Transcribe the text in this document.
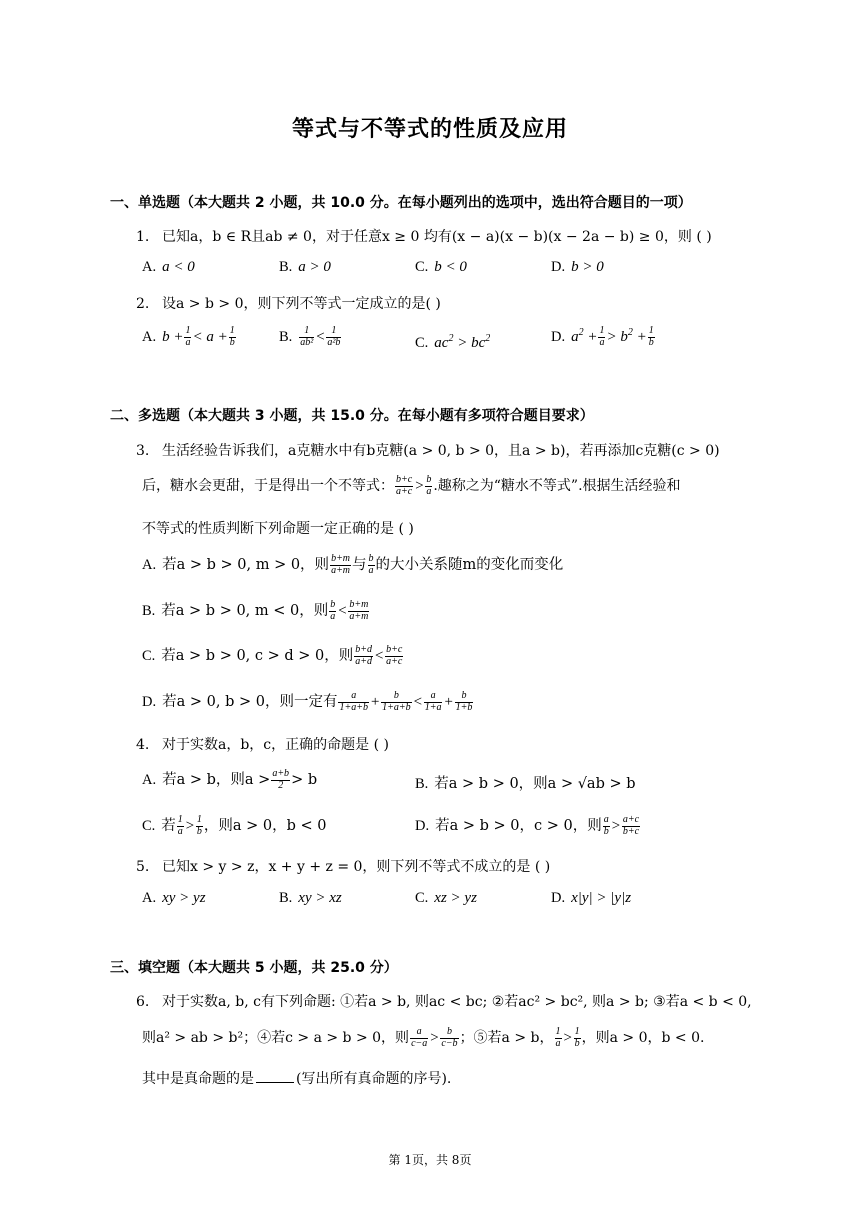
等式与不等式的性质及应用
一、单选题（本大题共 2 小题，共 10.0 分。在每小题列出的选项中，选出符合题目的一项）
1. 已知a，b ∈ R且ab ≠ 0，对于任意x ≥ 0 均有(x − a)(x − b)(x − 2a − b) ≥ 0，则 ( )
A. a < 0	B. a > 0	C. b < 0	D. b > 0
2. 设a > b > 0，则下列不等式一定成立的是( )
A. $b + \frac{1}{a} < a + \frac{1}{b}$	B. $\frac{1}{\text{ab²}} < \frac{1}{\text{a²b}}$	C. $ac^2 > bc^2$	D. $a^2 + \frac{1}{a} > b^2 + \frac{1}{b}$
二、多选题（本大题共 3 小题，共 15.0 分。在每小题有多项符合题目要求）
3. 生活经验告诉我们，a克糖水中有b克糖(a > 0, b > 0，且a > b)，若再添加c克糖(c > 0)
后，糖水会更甜，于是得出一个不等式： $\frac{b+c}{a+c} > \frac{b}{a}$ .趣称之为“糖水不等式”.根据生活经验和
不等式的性质判断下列命题一定正确的是 ( )
A. 若a > b > 0, m > 0，则 $\frac{b+m}{a+m}$ 与 $\frac{b}{a}$ 的大小关系随m的变化而变化
B. 若a > b > 0, m < 0，则 $\frac{b}{a} < \frac{b+m}{a+m}$
C. 若a > b > 0, c > d > 0，则 $\frac{b+d}{a+d} < \frac{b+c}{a+c}$
D. 若a > 0, b > 0，则一定有 $\frac{a}{1+a+b} + \frac{b}{1+a+b} < \frac{a}{1+a} + \frac{b}{1+b}$
4. 对于实数a，b，c，正确的命题是 ( )
A. 若a > b，则$a > \frac{a+b}{2} > b$	B. 若a > b > 0，则a > √ab > b
C. 若 $\frac{1}{a} > \frac{1}{b}$ ，则a > 0，b < 0	D. 若a > b > 0，c > 0，则 $\frac{a}{b} > \frac{a+c}{b+c}$
5. 已知x > y > z，x + y + z = 0，则下列不等式不成立的是 ( )
A. xy > yz	B. xy > xz	C. xz > yz	D. x|y| > |y|z
三、填空题（本大题共 5 小题，共 25.0 分）
6. 对于实数a, b, c有下列命题: ①若a > b, 则ac < bc; ②若ac² > bc², 则a > b; ③若a < b < 0,
则a² > ab > b²；④若c > a > b > 0，则 $\frac{a}{c-a} > \frac{b}{c-b}$ ；⑤若a > b， $\frac{1}{a} > \frac{1}{b}$ ，则a > 0，b < 0.
其中是真命题的是	(写出所有真命题的序号).
第 1页，共 8页
